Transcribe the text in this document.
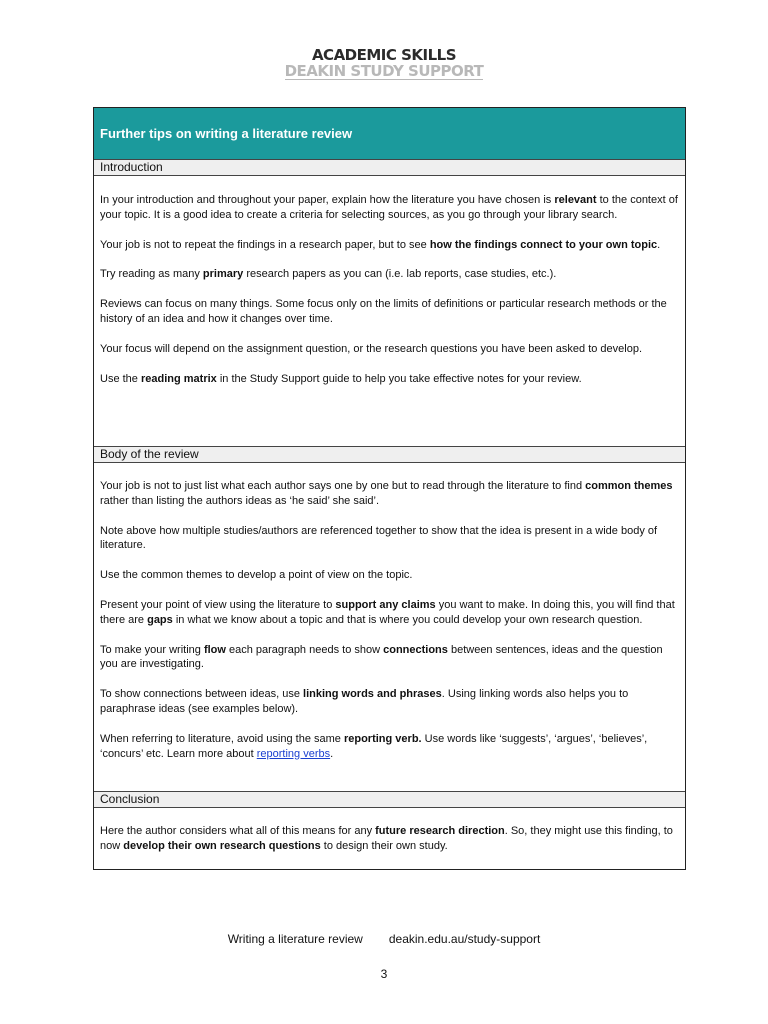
ACADEMIC SKILLS
DEAKIN STUDY SUPPORT
Further tips on writing a literature review
Introduction

In your introduction and throughout your paper, explain how the literature you have chosen is relevant to the context of your topic. It is a good idea to create a criteria for selecting sources, as you go through your library search.

Your job is not to repeat the findings in a research paper, but to see how the findings connect to your own topic.

Try reading as many primary research papers as you can (i.e. lab reports, case studies, etc.).

Reviews can focus on many things. Some focus only on the limits of definitions or particular research methods or the history of an idea and how it changes over time.

Your focus will depend on the assignment question, or the research questions you have been asked to develop.

Use the reading matrix in the Study Support guide to help you take effective notes for your review.

Body of the review

Your job is not to just list what each author says one by one but to read through the literature to find common themes rather than listing the authors ideas as ‘he said’ she said’.

Note above how multiple studies/authors are referenced together to show that the idea is present in a wide body of literature.

Use the common themes to develop a point of view on the topic.

Present your point of view using the literature to support any claims you want to make. In doing this, you will find that there are gaps in what we know about a topic and that is where you could develop your own research question.

To make your writing flow each paragraph needs to show connections between sentences, ideas and the question you are investigating.

To show connections between ideas, use linking words and phrases. Using linking words also helps you to paraphrase ideas (see examples below).

When referring to literature, avoid using the same reporting verb. Use words like ‘suggests’, ‘argues’, ‘believes’, ‘concurs’ etc. Learn more about reporting verbs.

Conclusion

Here the author considers what all of this means for any future research direction. So, they might use this finding, to now develop their own research questions to design their own study.

Writing a literature review deakin.edu.au/study-support
3
